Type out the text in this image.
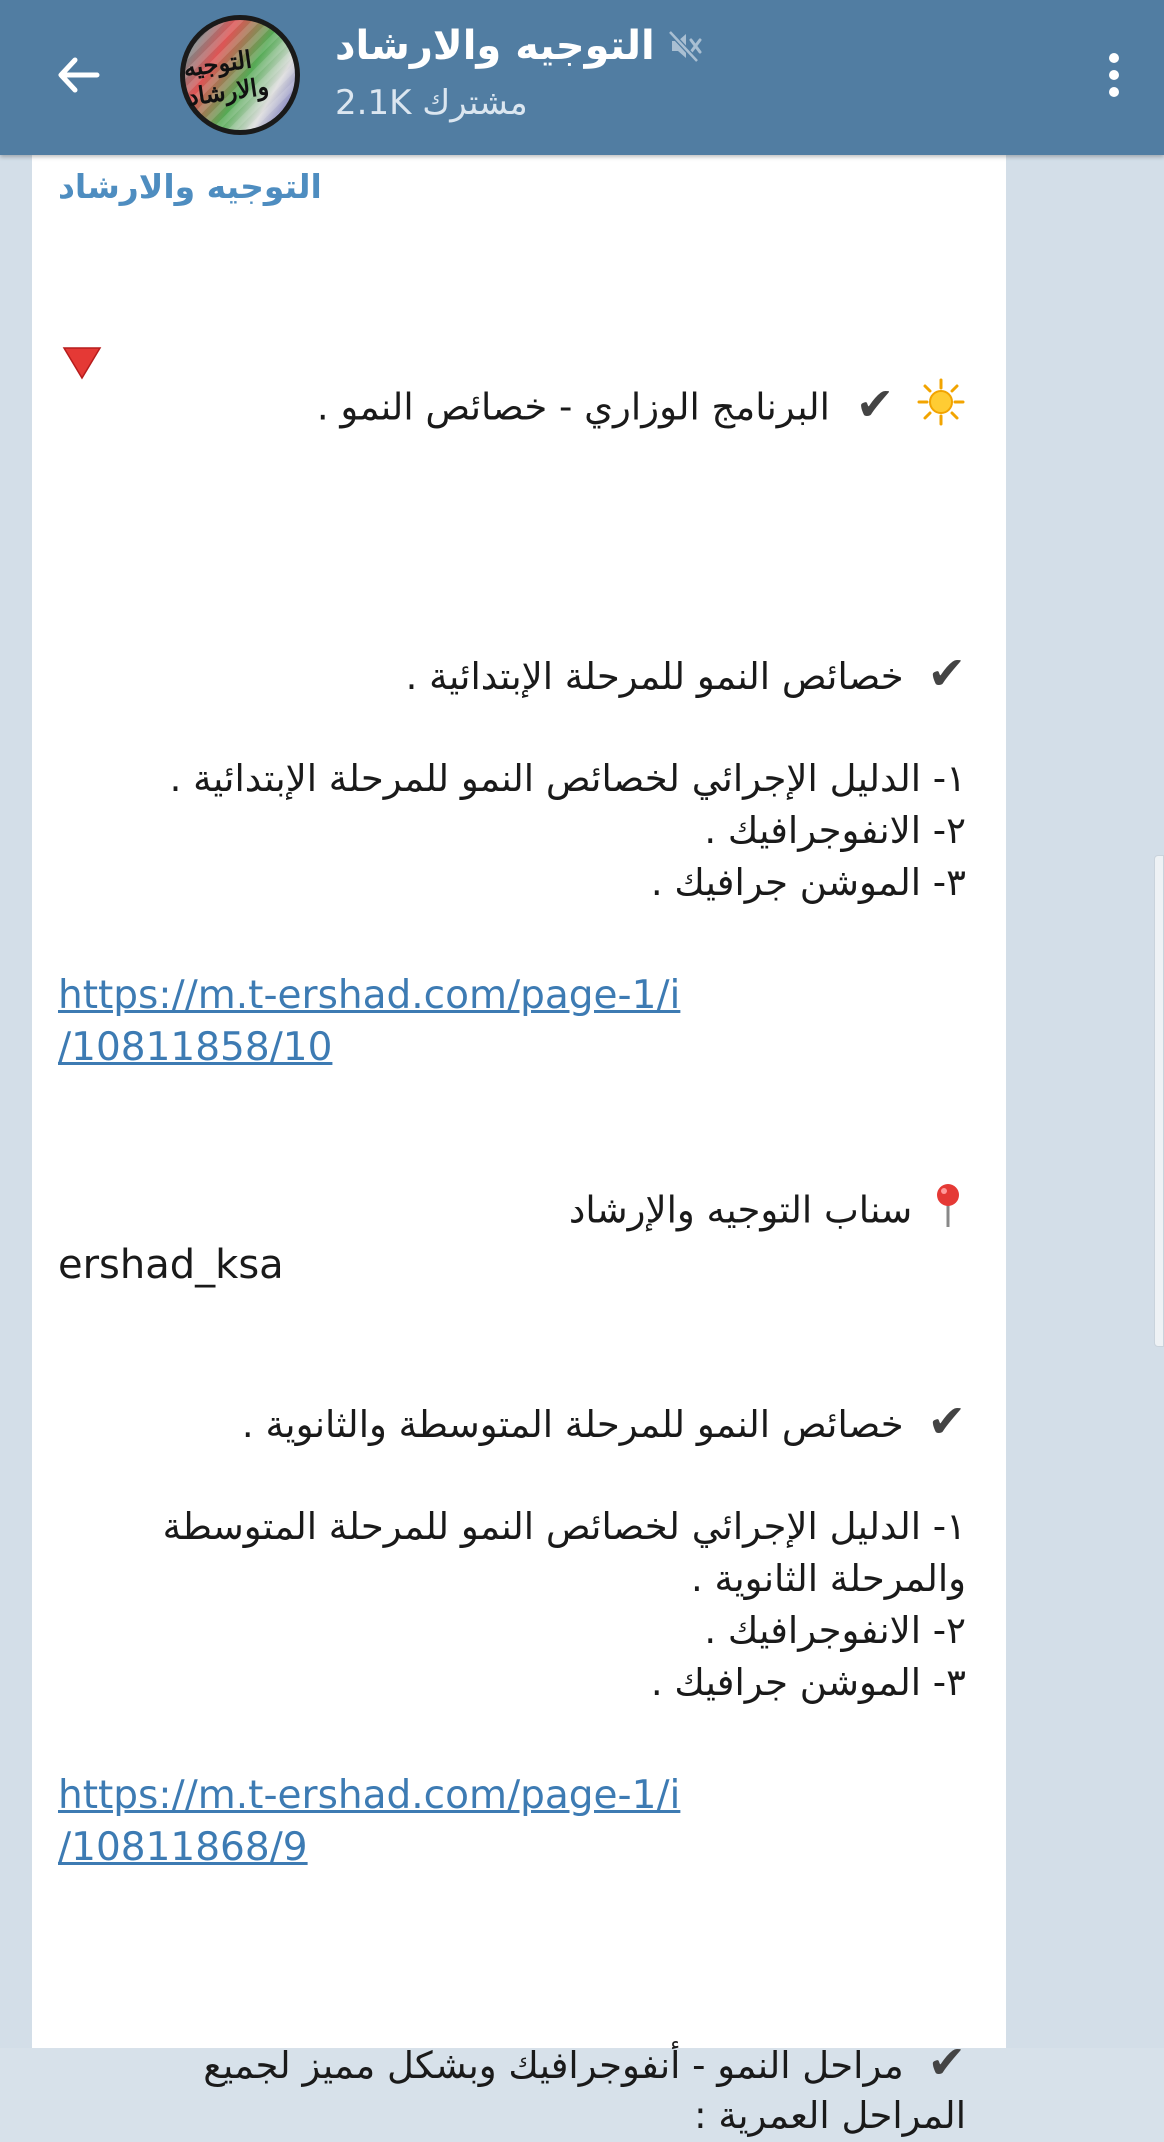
التوجيه والارشاد
التوجيه والارشاد
2.1K مشترك
التوجيه والارشاد
✔ البرنامج الوزاري - خصائص النمو .
✔ خصائص النمو للمرحلة الإبتدائية .
١- الدليل الإجرائي لخصائص النمو للمرحلة الإبتدائية .
٢- الانفوجرافيك .
٣- الموشن جرافيك .
https://m.t-ershad.com/page-1/i
/10811858/10
سناب التوجيه والإرشاد
ershad_ksa
✔ خصائص النمو للمرحلة المتوسطة والثانوية .
١- الدليل الإجرائي لخصائص النمو للمرحلة المتوسطة
والمرحلة الثانوية .
٢- الانفوجرافيك .
٣- الموشن جرافيك .
https://m.t-ershad.com/page-1/i
/10811868/9
✔ مراحل النمو - أنفوجرافيك وبشكل مميز لجميع
المراحل العمرية :
